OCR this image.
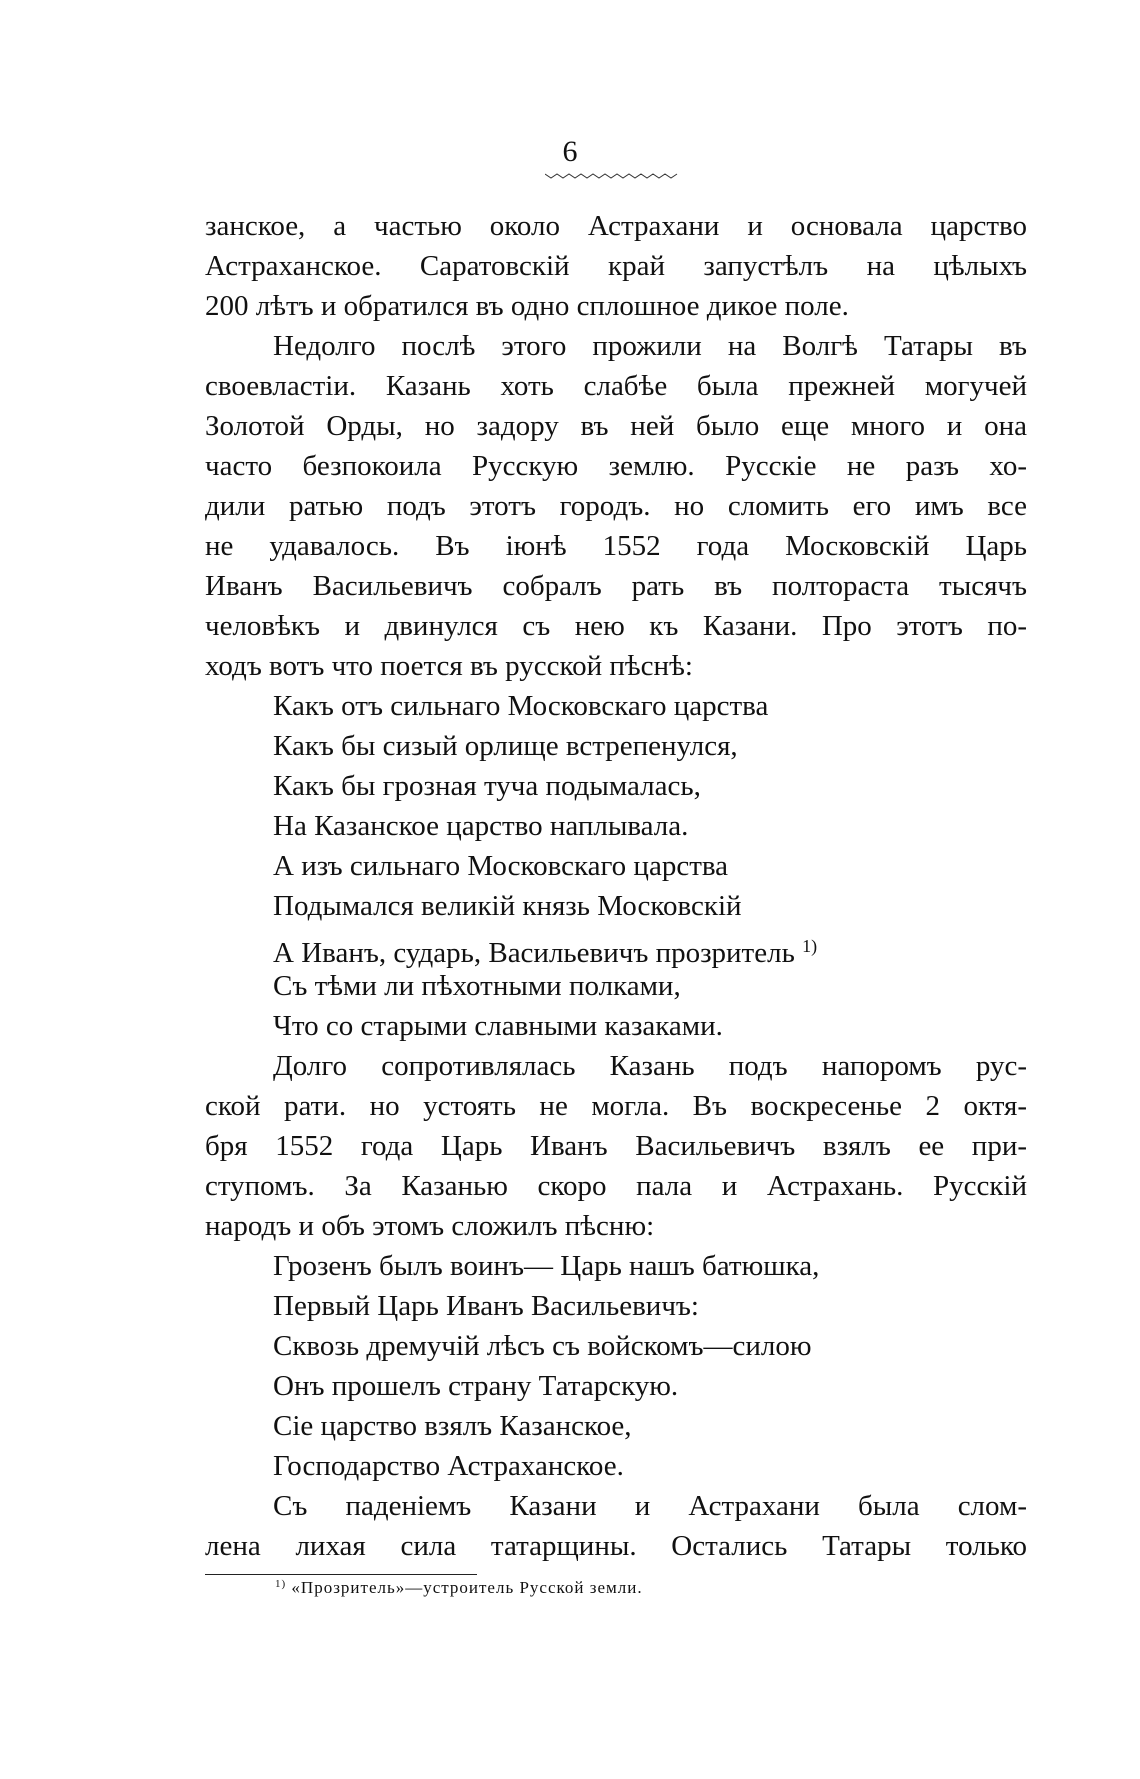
6
занское, а частью около Астрахани и основала царство
Астраханское. Саратовскій край запустѣлъ на цѣлыхъ
200 лѣтъ и обратился въ одно сплошное дикое поле.
Недолго послѣ этого прожили на Волгѣ Татары въ
своевластіи. Казань хоть слабѣе была прежней могучей
Золотой Орды, но задору въ ней было еще много и она
часто безпокоила Русскую землю. Русскіе не разъ хо-
дили ратью подъ этотъ городъ. но сломить его имъ все
не удавалось. Въ іюнѣ 1552 года Московскій Царь
Иванъ Васильевичъ собралъ рать въ полтораста тысячъ
человѣкъ и двинулся съ нею къ Казани. Про этотъ по-
ходъ вотъ что поется въ русской пѣснѣ:
Какъ отъ сильнаго Московскаго царства
Какъ бы сизый орлище встрепенулся,
Какъ бы грозная туча подымалась,
На Казанское царство наплывала.
А изъ сильнаго Московскаго царства
Подымался великій князь Московскій
А Иванъ, сударь, Васильевичъ прозритель $^{1)}$
Съ тѣми ли пѣхотными полками,
Что со старыми славными казаками.
Долго сопротивлялась Казань подъ напоромъ рус-
ской рати. но устоять не могла. Въ воскресенье 2 октя-
бря 1552 года Царь Иванъ Васильевичъ взялъ ее при-
ступомъ. За Казанью скоро пала и Астрахань. Русскій
народъ и объ этомъ сложилъ пѣсню:
Грозенъ былъ воинъ— Царь нашъ батюшка,
Первый Царь Иванъ Васильевичъ:
Сквозь дремучій лѣсъ съ войскомъ—силою
Онъ прошелъ страну Татарскую.
Сіе царство взялъ Казанское,
Господарство Астраханское.
Съ паденіемъ Казани и Астрахани была слом-
лена лихая сила татарщины. Остались Татары только
$^{1)}$ «Прозритель»—устроитель Русской земли.
